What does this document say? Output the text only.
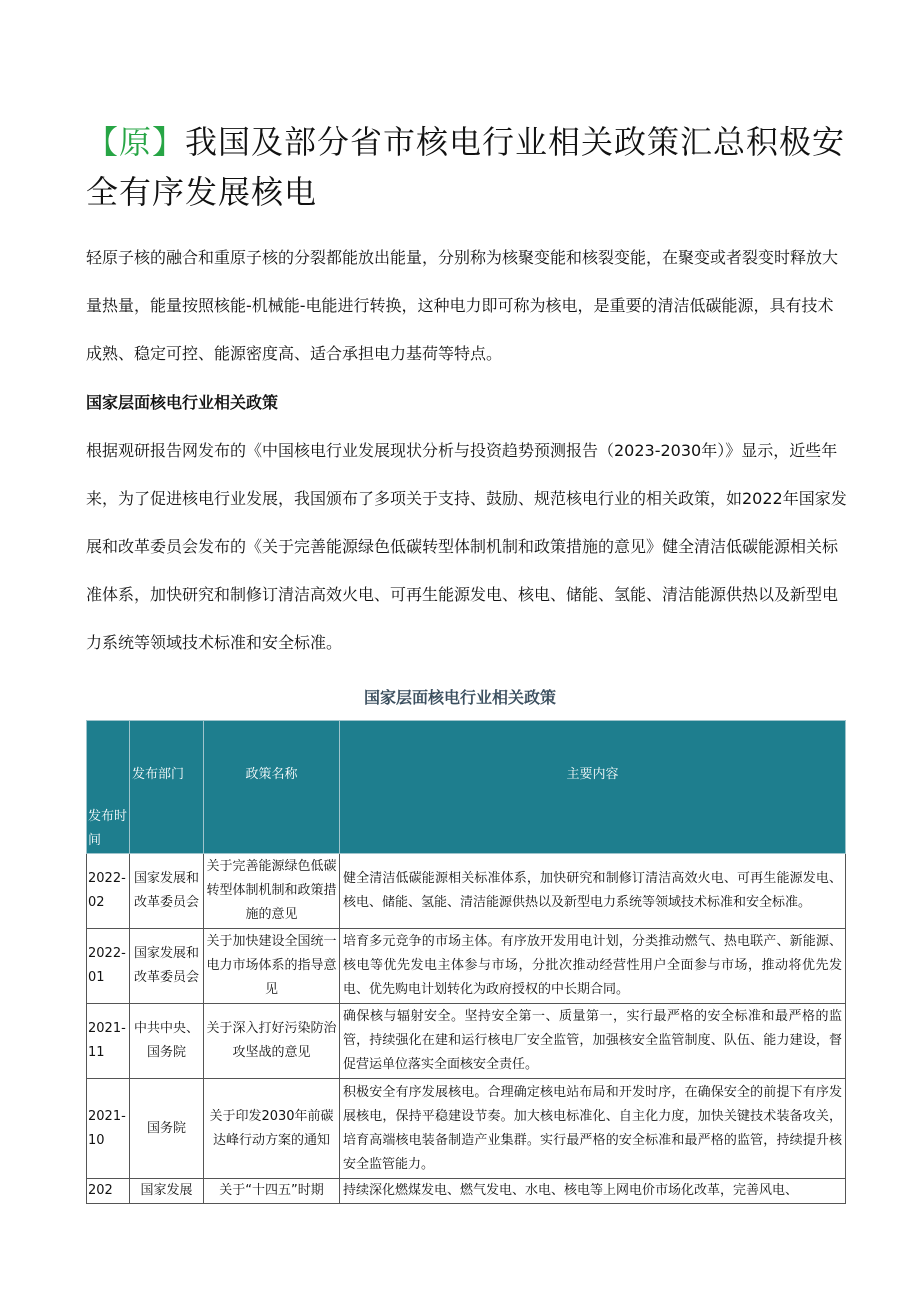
【原】我国及部分省市核电行业相关政策汇总积极安全有序发展核电
轻原子核的融合和重原子核的分裂都能放出能量，分别称为核聚变能和核裂变能，在聚变或者裂变时释放大量热量，能量按照核能-机械能-电能进行转换，这种电力即可称为核电，是重要的清洁低碳能源，具有技术成熟、稳定可控、能源密度高、适合承担电力基荷等特点。
国家层面核电行业相关政策
根据观研报告网发布的《中国核电行业发展现状分析与投资趋势预测报告（2023-2030年）》显示，近些年来，为了促进核电行业发展，我国颁布了多项关于支持、鼓励、规范核电行业的相关政策，如2022年国家发展和改革委员会发布的《关于完善能源绿色低碳转型体制机制和政策措施的意见》健全清洁低碳能源相关标准体系，加快研究和制修订清洁高效火电、可再生能源发电、核电、储能、氢能、清洁能源供热以及新型电力系统等领域技术标准和安全标准。
国家层面核电行业相关政策
发布时间	发布部门	政策名称	主要内容
2022-02	国家发展和改革委员会	关于完善能源绿色低碳转型体制机制和政策措施的意见	健全清洁低碳能源相关标准体系，加快研究和制修订清洁高效火电、可再生能源发电、核电、储能、氢能、清洁能源供热以及新型电力系统等领域技术标准和安全标准。
2022-01	国家发展和改革委员会	关于加快建设全国统一电力市场体系的指导意见	培育多元竞争的市场主体。有序放开发用电计划，分类推动燃气、热电联产、新能源、核电等优先发电主体参与市场，分批次推动经营性用户全面参与市场，推动将优先发电、优先购电计划转化为政府授权的中长期合同。
2021-11	中共中央、国务院	关于深入打好污染防治攻坚战的意见	确保核与辐射安全。坚持安全第一、质量第一，实行最严格的安全标准和最严格的监管，持续强化在建和运行核电厂安全监管，加强核安全监管制度、队伍、能力建设，督促营运单位落实全面核安全责任。
2021-10	国务院	关于印发2030年前碳达峰行动方案的通知	积极安全有序发展核电。合理确定核电站布局和开发时序，在确保安全的前提下有序发展核电，保持平稳建设节奏。加大核电标准化、自主化力度，加快关键技术装备攻关，培育高端核电装备制造产业集群。实行最严格的安全标准和最严格的监管，持续提升核安全监管能力。
202	国家发展	关于“十四五”时期	持续深化燃煤发电、燃气发电、水电、核电等上网电价市场化改革，完善风电、
